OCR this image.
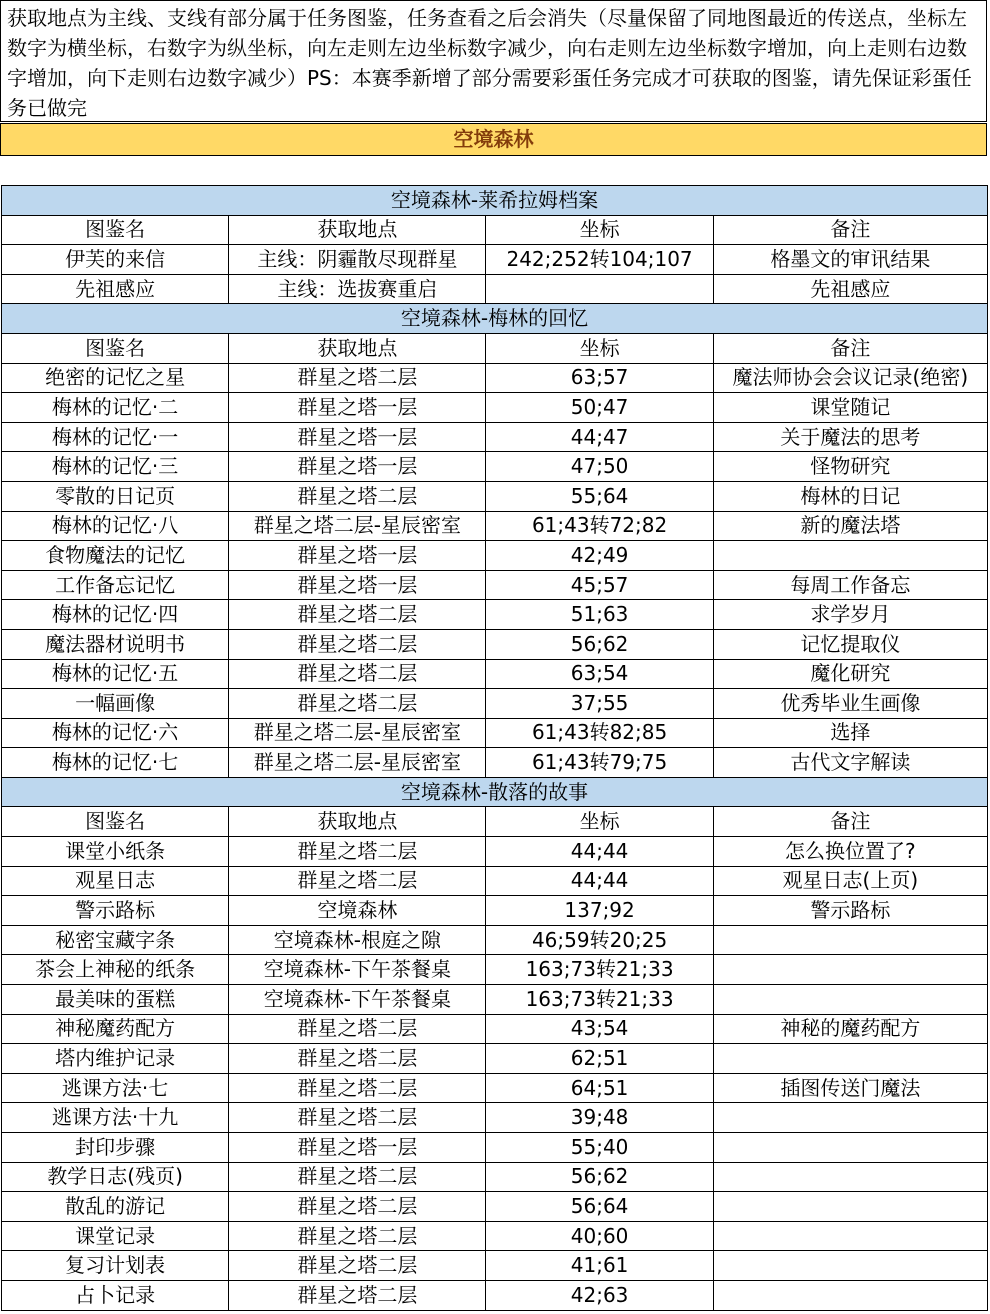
获取地点为主线、支线有部分属于任务图鉴，任务查看之后会消失（尽量保留了同地图最近的传送点，坐标左数字为横坐标，右数字为纵坐标，向左走则左边坐标数字减少，向右走则左边坐标数字增加，向上走则右边数字增加，向下走则右边数字减少）PS：本赛季新增了部分需要彩蛋任务完成才可获取的图鉴，请先保证彩蛋任务已做完
空境森林
空境森林-莱希拉姆档案			
图鉴名	获取地点	坐标	备注
伊芙的来信	主线：阴霾散尽现群星	242;252转104;107	格墨文的审讯结果
先祖感应	主线：选拔赛重启		先祖感应
空境森林-梅林的回忆			
图鉴名	获取地点	坐标	备注
绝密的记忆之星	群星之塔二层	63;57	魔法师协会会议记录(绝密)
梅林的记忆·二	群星之塔一层	50;47	课堂随记
梅林的记忆·一	群星之塔一层	44;47	关于魔法的思考
梅林的记忆·三	群星之塔一层	47;50	怪物研究
零散的日记页	群星之塔二层	55;64	梅林的日记
梅林的记忆·八	群星之塔二层-星辰密室	61;43转72;82	新的魔法塔
食物魔法的记忆	群星之塔一层	42;49	
工作备忘记忆	群星之塔一层	45;57	每周工作备忘
梅林的记忆·四	群星之塔二层	51;63	求学岁月
魔法器材说明书	群星之塔二层	56;62	记忆提取仪
梅林的记忆·五	群星之塔二层	63;54	魔化研究
一幅画像	群星之塔二层	37;55	优秀毕业生画像
梅林的记忆·六	群星之塔二层-星辰密室	61;43转82;85	选择
梅林的记忆·七	群星之塔二层-星辰密室	61;43转79;75	古代文字解读
空境森林-散落的故事			
图鉴名	获取地点	坐标	备注
课堂小纸条	群星之塔二层	44;44	怎么换位置了?
观星日志	群星之塔二层	44;44	观星日志(上页)
警示路标	空境森林	137;92	警示路标
秘密宝藏字条	空境森林-根庭之隙	46;59转20;25	
茶会上神秘的纸条	空境森林-下午茶餐桌	163;73转21;33	
最美味的蛋糕	空境森林-下午茶餐桌	163;73转21;33	
神秘魔药配方	群星之塔二层	43;54	神秘的魔药配方
塔内维护记录	群星之塔二层	62;51	
逃课方法·七	群星之塔二层	64;51	插图传送门魔法
逃课方法·十九	群星之塔二层	39;48	
封印步骤	群星之塔一层	55;40	
教学日志(残页)	群星之塔二层	56;62	
散乱的游记	群星之塔二层	56;64	
课堂记录	群星之塔二层	40;60	
复习计划表	群星之塔二层	41;61	
占卜记录	群星之塔二层	42;63	
